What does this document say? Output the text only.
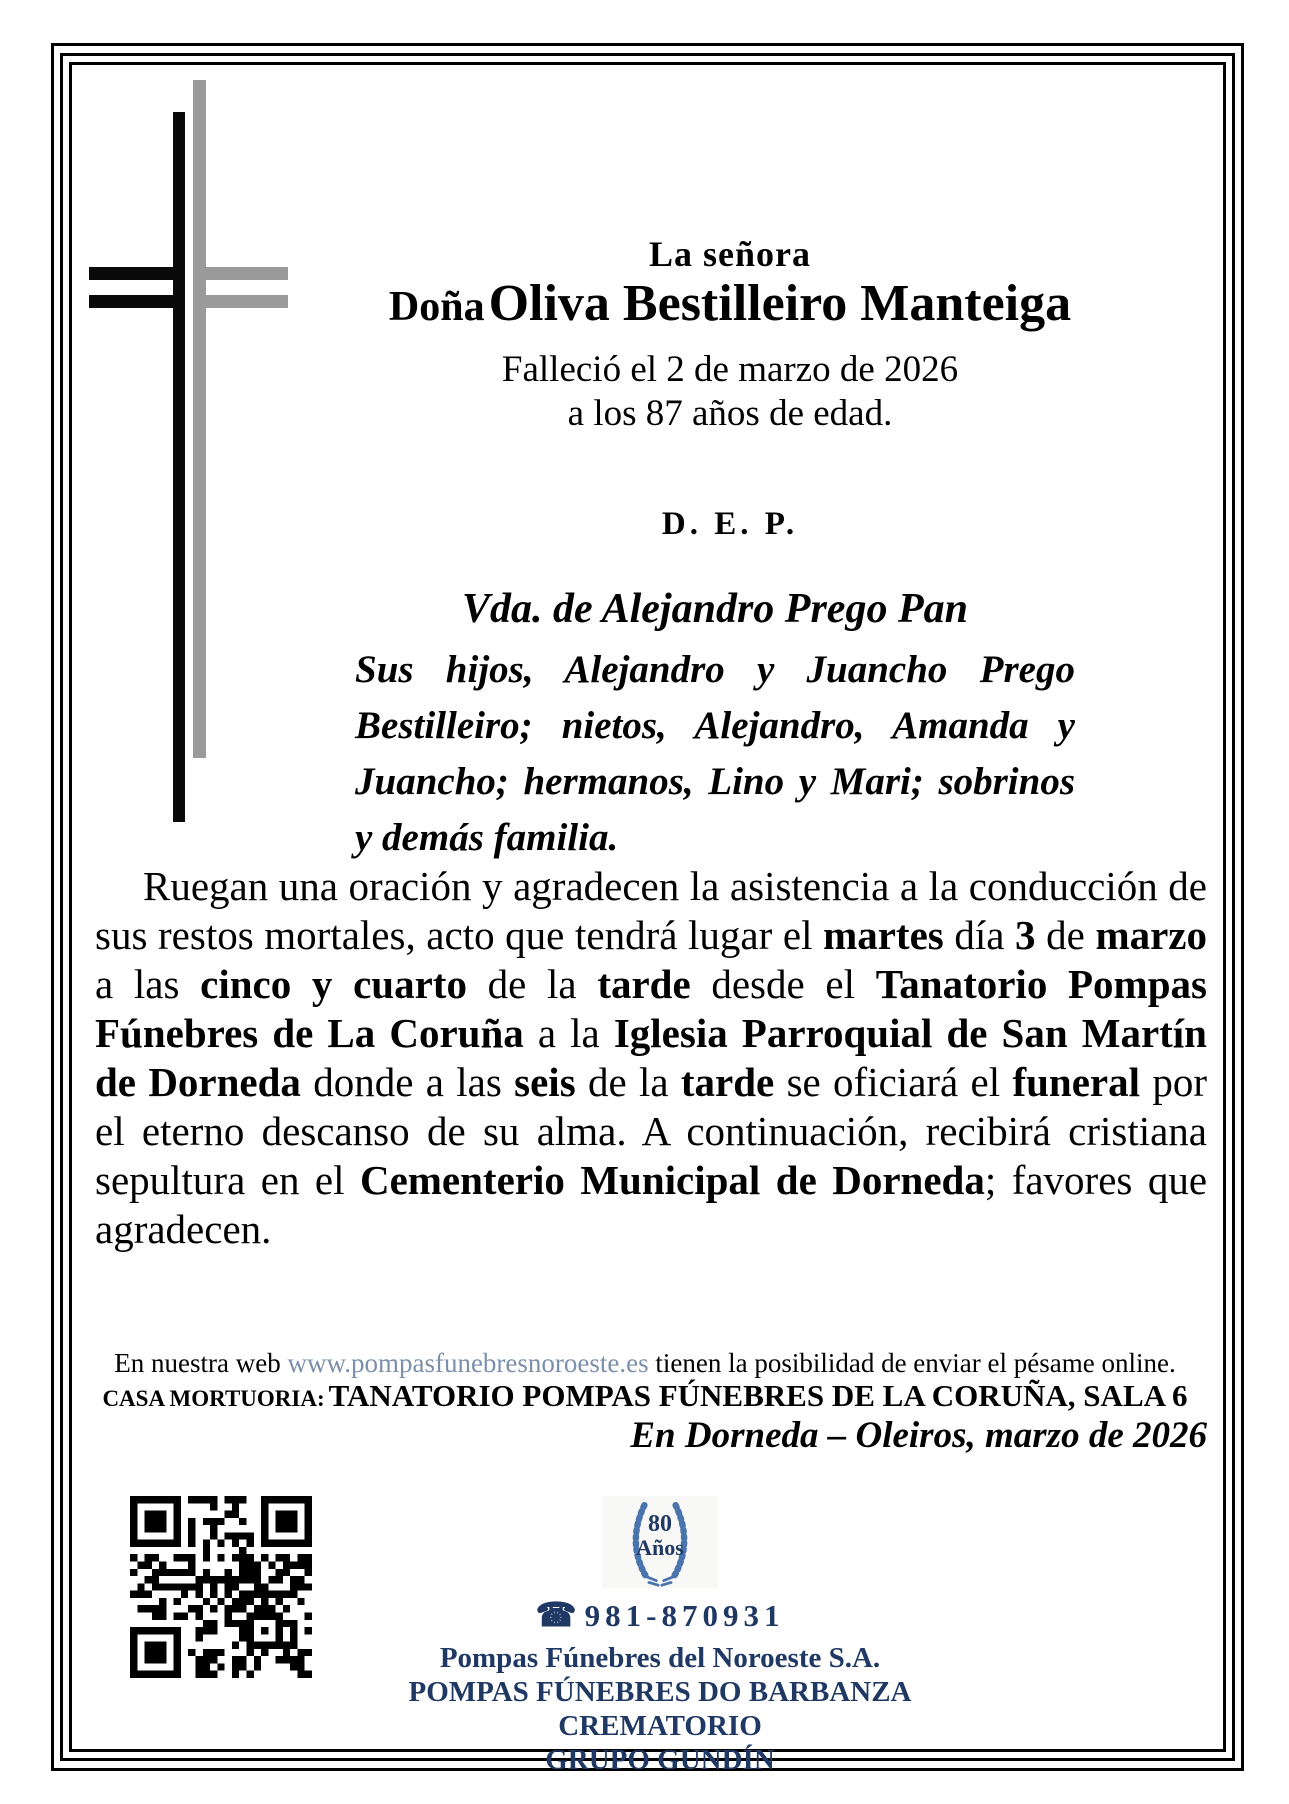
La señora
Doña Oliva Bestilleiro Manteiga
Falleció el 2 de marzo de 2026
a los 87 años de edad.
D. E. P.
Vda. de Alejandro Prego Pan
Sus hijos, Alejandro y Juancho Prego Bestilleiro; nietos, Alejandro, Amanda y Juancho; hermanos, Lino y Mari; sobrinos y demás familia.
Ruegan una oración y agradecen la asistencia a la conducción de sus restos mortales, acto que tendrá lugar el martes día 3 de marzo a las cinco y cuarto de la tarde desde el Tanatorio Pompas Fúnebres de La Coruña a la Iglesia Parroquial de San Martín de Dorneda donde a las seis de la tarde se oficiará el funeral por el eterno descanso de su alma. A continuación, recibirá cristiana sepultura en el Cementerio Municipal de Dorneda; favores que agradecen.
En nuestra web www.pompasfunebresnoroeste.es tienen la posibilidad de enviar el pésame online.
CASA MORTUORIA: TANATORIO POMPAS FÚNEBRES DE LA CORUÑA, SALA 6
En Dorneda – Oleiros, marzo de 2026
80
Años
☎ 981-870931
Pompas Fúnebres del Noroeste S.A.
POMPAS FÚNEBRES DO BARBANZA CREMATORIO
GRUPO GUNDÍN
